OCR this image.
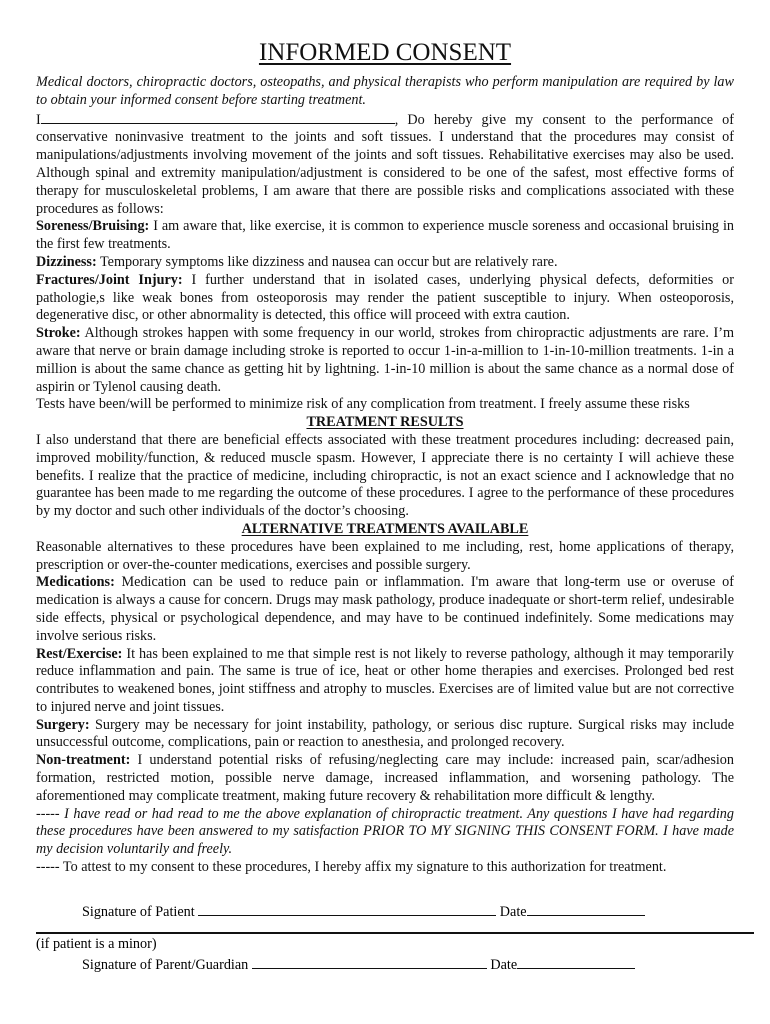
INFORMED CONSENT

Medical doctors, chiropractic doctors, osteopaths, and physical therapists who perform manipulation are required by law to obtain your informed consent before starting treatment.

I	, Do hereby give my consent to the performance of conservative noninvasive treatment to the joints and soft tissues. I understand that the procedures may consist of manipulations/adjustments involving movement of the joints and soft tissues. Rehabilitative exercises may also be used. Although spinal and extremity manipulation/adjustment is considered to be one of the safest, most effective forms of therapy for musculoskeletal problems, I am aware that there are possible risks and complications associated with these procedures as follows:

Soreness/Bruising: I am aware that, like exercise, it is common to experience muscle soreness and occasional bruising in the first few treatments.

Dizziness: Temporary symptoms like dizziness and nausea can occur but are relatively rare.

Fractures/Joint Injury: I further understand that in isolated cases, underlying physical defects, deformities or pathologie,s like weak bones from osteoporosis may render the patient susceptible to injury. When osteoporosis, degenerative disc, or other abnormality is detected, this office will proceed with extra caution.

Stroke: Although strokes happen with some frequency in our world, strokes from chiropractic adjustments are rare. I’m aware that nerve or brain damage including stroke is reported to occur 1-in-a-million to 1-in-10-million treatments. 1-in a million is about the same chance as getting hit by lightning. 1-in-10 million is about the same chance as a normal dose of aspirin or Tylenol causing death.

Tests have been/will be performed to minimize risk of any complication from treatment. I freely assume these risks

TREATMENT RESULTS

I also understand that there are beneficial effects associated with these treatment procedures including: decreased pain, improved mobility/function, & reduced muscle spasm. However, I appreciate there is no certainty I will achieve these benefits. I realize that the practice of medicine, including chiropractic, is not an exact science and I acknowledge that no guarantee has been made to me regarding the outcome of these procedures. I agree to the performance of these procedures by my doctor and such other individuals of the doctor’s choosing.

ALTERNATIVE TREATMENTS AVAILABLE

Reasonable alternatives to these procedures have been explained to me including, rest, home applications of therapy, prescription or over-the-counter medications, exercises and possible surgery.

Medications: Medication can be used to reduce pain or inflammation. I'm aware that long-term use or overuse of medication is always a cause for concern. Drugs may mask pathology, produce inadequate or short-term relief, undesirable side effects, physical or psychological dependence, and may have to be continued indefinitely. Some medications may involve serious risks.

Rest/Exercise: It has been explained to me that simple rest is not likely to reverse pathology, although it may temporarily reduce inflammation and pain. The same is true of ice, heat or other home therapies and exercises. Prolonged bed rest contributes to weakened bones, joint stiffness and atrophy to muscles. Exercises are of limited value but are not corrective to injured nerve and joint tissues.

Surgery: Surgery may be necessary for joint instability, pathology, or serious disc rupture. Surgical risks may include unsuccessful outcome, complications, pain or reaction to anesthesia, and prolonged recovery.

Non-treatment: I understand potential risks of refusing/neglecting care may include: increased pain, scar/adhesion formation, restricted motion, possible nerve damage, increased inflammation, and worsening pathology. The aforementioned may complicate treatment, making future recovery & rehabilitation more difficult & lengthy.

----- I have read or had read to me the above explanation of chiropractic treatment. Any questions I have had regarding these procedures have been answered to my satisfaction PRIOR TO MY SIGNING THIS CONSENT FORM. I have made my decision voluntarily and freely.

----- To attest to my consent to these procedures, I hereby affix my signature to this authorization for treatment.

Signature of Patient	Date
(if patient is a minor)
Signature of Parent/Guardian	Date
